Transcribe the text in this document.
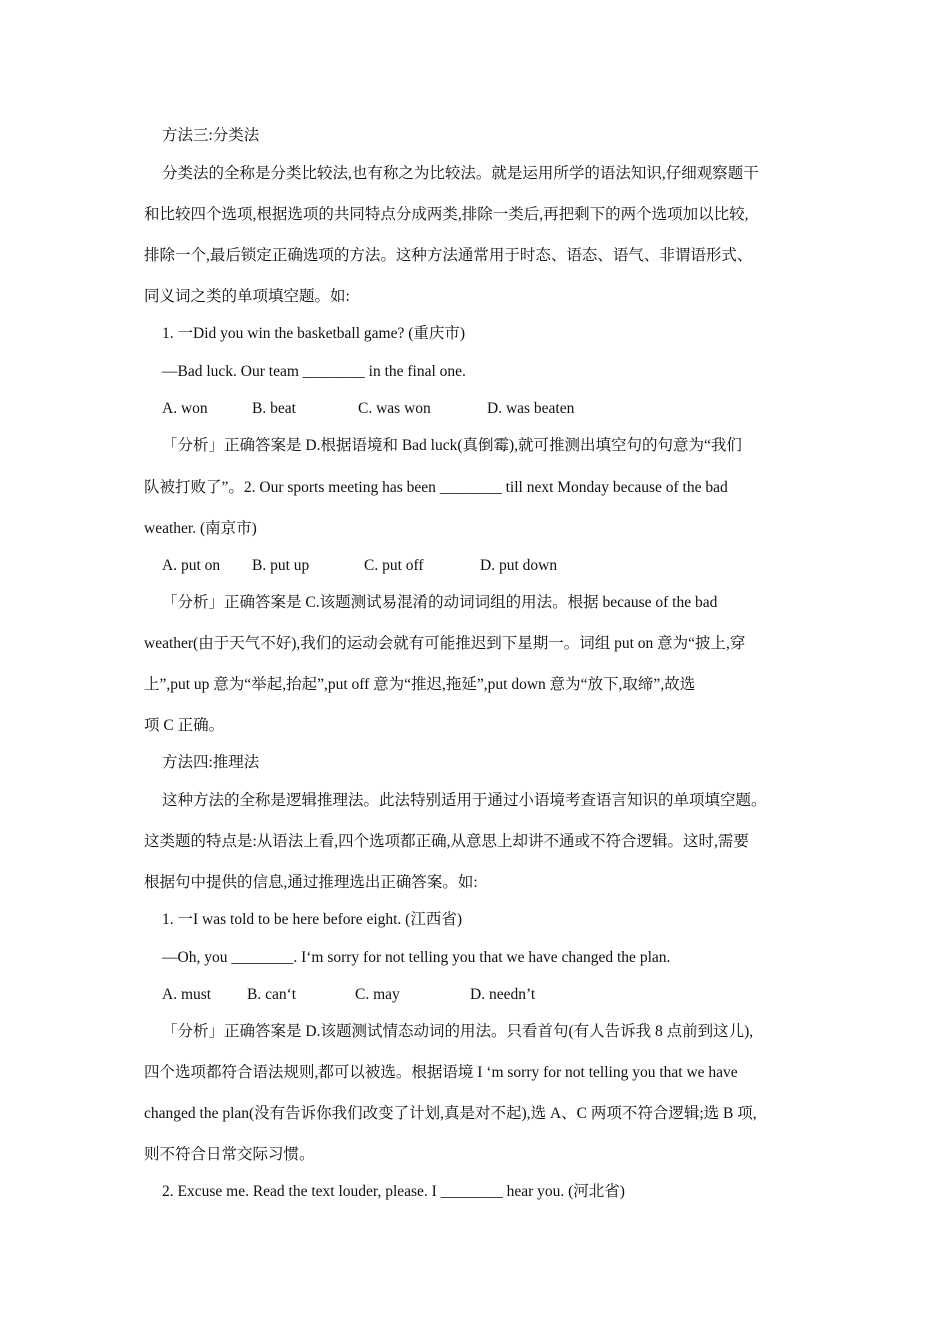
方法三:分类法
分类法的全称是分类比较法,也有称之为比较法。就是运用所学的语法知识,仔细观察题干
和比较四个选项,根据选项的共同特点分成两类,排除一类后,再把剩下的两个选项加以比较,
排除一个,最后锁定正确选项的方法。这种方法通常用于时态、语态、语气、非谓语形式、
同义词之类的单项填空题。如:
1. 一Did you win the basketball game? (重庆市)
—Bad luck. Our team ________ in the final one.
A. won	B. beat	C. was won	D. was beaten
「分析」正确答案是 D.根据语境和 Bad luck(真倒霉),就可推测出填空句的句意为“我们
队被打败了”。2. Our sports meeting has been ________ till next Monday because of the bad
weather. (南京市)
A. put on B. put up	C. put off	D. put down
「分析」正确答案是 C.该题测试易混淆的动词词组的用法。根据 because of the bad
weather(由于天气不好),我们的运动会就有可能推迟到下星期一。词组 put on 意为“披上,穿
上”,put up 意为“举起,抬起”,put off 意为“推迟,拖延”,put down 意为“放下,取缔”,故选
项 C 正确。
方法四:推理法
这种方法的全称是逻辑推理法。此法特别适用于通过小语境考查语言知识的单项填空题。
这类题的特点是:从语法上看,四个选项都正确,从意思上却讲不通或不符合逻辑。这时,需要
根据句中提供的信息,通过推理选出正确答案。如:
1. 一I was told to be here before eight. (江西省)
—Oh, you ________. I‘m sorry for not telling you that we have changed the plan.
A. must B. can‘t	C. may	D. needn’t
「分析」正确答案是 D.该题测试情态动词的用法。只看首句(有人告诉我 8 点前到这儿),
四个选项都符合语法规则,都可以被选。根据语境 I ‘m sorry for not telling you that we have
changed the plan(没有告诉你我们改变了计划,真是对不起),选 A、C 两项不符合逻辑;选 B 项,
则不符合日常交际习惯。
2. Excuse me. Read the text louder, please. I ________ hear you. (河北省)
